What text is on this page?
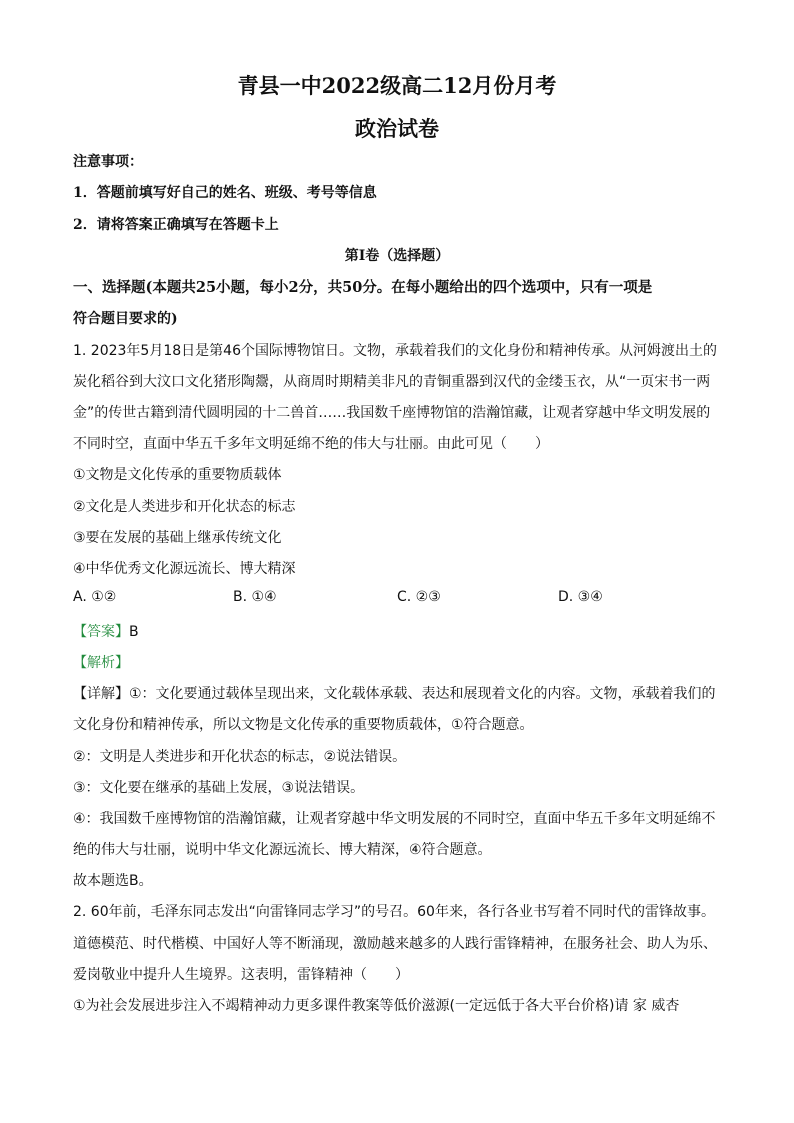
青县一中2022级高二12月份月考
政治试卷
注意事项：
1．答题前填写好自己的姓名、班级、考号等信息
2．请将答案正确填写在答题卡上
第I卷（选择题）
一、选择题(本题共25小题，每小2分，共50分。在每小题给出的四个选项中，只有一项是
符合题目要求的)
1. 2023年5月18日是第46个国际博物馆日。文物，承载着我们的文化身份和精神传承。从河姆渡出土的
炭化稻谷到大汶口文化猪形陶鬶，从商周时期精美非凡的青铜重器到汉代的金缕玉衣，从“一页宋书一两
金”的传世古籍到清代圆明园的十二兽首……我国数千座博物馆的浩瀚馆藏，让观者穿越中华文明发展的
不同时空，直面中华五千多年文明延绵不绝的伟大与壮丽。由此可见（　　）
①文物是文化传承的重要物质载体
②文化是人类进步和开化状态的标志
③要在发展的基础上继承传统文化
④中华优秀文化源远流长、博大精深
A. ①②	B. ①④	C. ②③	D. ③④
【答案】B
【解析】
【详解】①：文化要通过载体呈现出来，文化载体承载、表达和展现着文化的内容。文物，承载着我们的
文化身份和精神传承，所以文物是文化传承的重要物质载体，①符合题意。
②：文明是人类进步和开化状态的标志，②说法错误。
③：文化要在继承的基础上发展，③说法错误。
④：我国数千座博物馆的浩瀚馆藏，让观者穿越中华文明发展的不同时空，直面中华五千多年文明延绵不
绝的伟大与壮丽，说明中华文化源远流长、博大精深，④符合题意。
故本题选B。
2. 60年前，毛泽东同志发出“向雷锋同志学习”的号召。60年来，各行各业书写着不同时代的雷锋故事。
道德模范、时代楷模、中国好人等不断涌现，激励越来越多的人践行雷锋精神，在服务社会、助人为乐、
爱岗敬业中提升人生境界。这表明，雷锋精神（　　）
①为社会发展进步注入不竭精神动力更多课件教案等低价滋源(一定远低于各大平台价格)请 家 威杏
